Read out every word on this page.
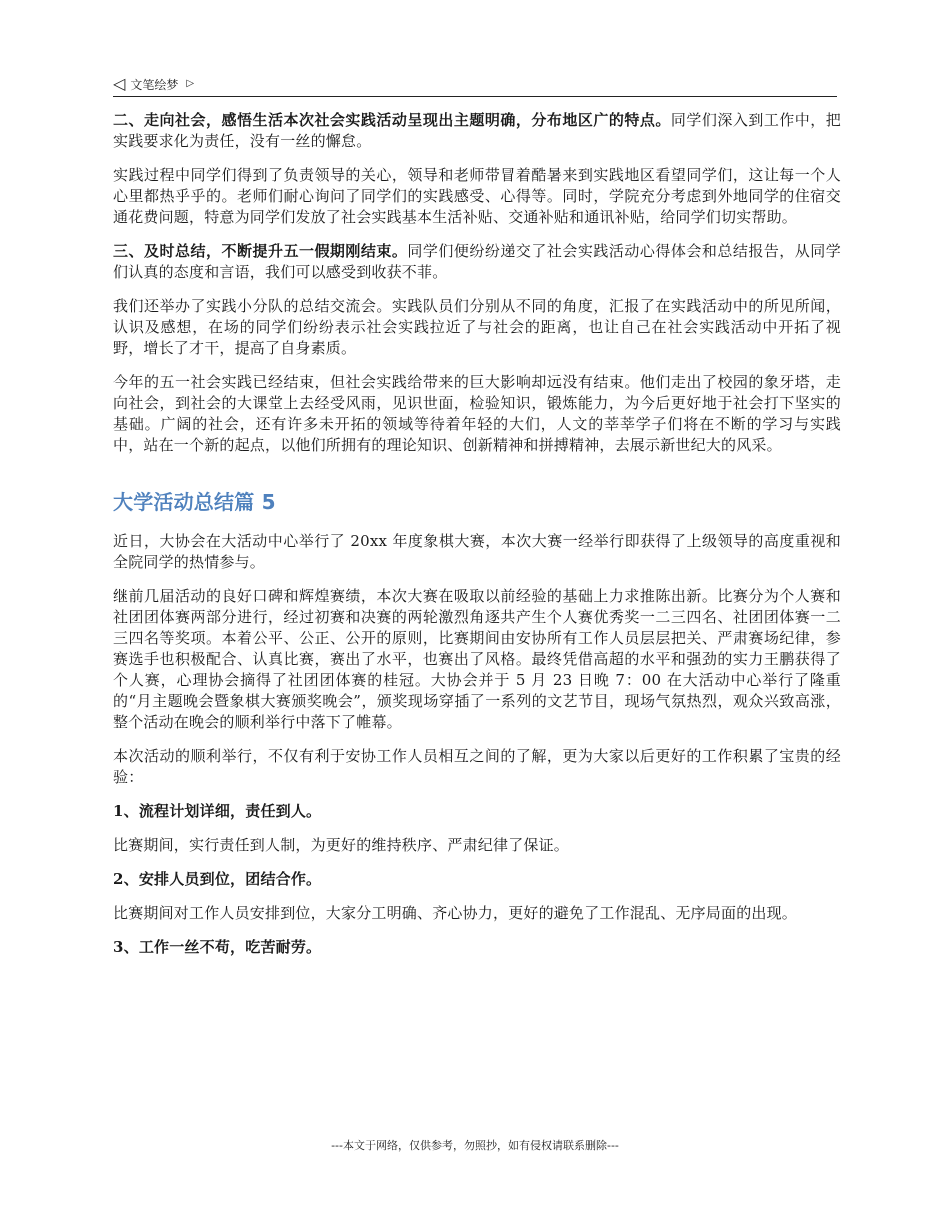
◁ 文笔绘梦 ▷

二、走向社会，感悟生活本次社会实践活动呈现出主题明确，分布地区广的特点。同学们深入到工作中，把实践要求化为责任，没有一丝的懈怠。

实践过程中同学们得到了负责领导的关心，领导和老师带冒着酷暑来到实践地区看望同学们，这让每一个人心里都热乎乎的。老师们耐心询问了同学们的实践感受、心得等。同时，学院充分考虑到外地同学的住宿交通花费问题，特意为同学们发放了社会实践基本生活补贴、交通补贴和通讯补贴，给同学们切实帮助。

三、及时总结，不断提升五一假期刚结束。同学们便纷纷递交了社会实践活动心得体会和总结报告，从同学们认真的态度和言语，我们可以感受到收获不菲。

我们还举办了实践小分队的总结交流会。实践队员们分别从不同的角度，汇报了在实践活动中的所见所闻，认识及感想，在场的同学们纷纷表示社会实践拉近了与社会的距离，也让自己在社会实践活动中开拓了视野，增长了才干，提高了自身素质。

今年的五一社会实践已经结束，但社会实践给带来的巨大影响却远没有结束。他们走出了校园的象牙塔，走向社会，到社会的大课堂上去经受风雨，见识世面，检验知识，锻炼能力，为今后更好地于社会打下坚实的基础。广阔的社会，还有许多未开拓的领域等待着年轻的大们，人文的莘莘学子们将在不断的学习与实践中，站在一个新的起点，以他们所拥有的理论知识、创新精神和拼搏精神，去展示新世纪大的风采。

大学活动总结篇 5

近日，大协会在大活动中心举行了 20xx 年度象棋大赛，本次大赛一经举行即获得了上级领导的高度重视和全院同学的热情参与。

继前几届活动的良好口碑和辉煌赛绩，本次大赛在吸取以前经验的基础上力求推陈出新。比赛分为个人赛和社团团体赛两部分进行，经过初赛和决赛的两轮激烈角逐共产生个人赛优秀奖一二三四名、社团团体赛一二三四名等奖项。本着公平、公正、公开的原则，比赛期间由安协所有工作人员层层把关、严肃赛场纪律，参赛选手也积极配合、认真比赛，赛出了水平，也赛出了风格。最终凭借高超的水平和强劲的实力王鹏获得了个人赛，心理协会摘得了社团团体赛的桂冠。大协会并于 5 月 23 日晚 7：00 在大活动中心举行了隆重的“月主题晚会暨象棋大赛颁奖晚会”，颁奖现场穿插了一系列的文艺节目，现场气氛热烈，观众兴致高涨，整个活动在晚会的顺利举行中落下了帷幕。

本次活动的顺利举行，不仅有利于安协工作人员相互之间的了解，更为大家以后更好的工作积累了宝贵的经验：

1、流程计划详细，责任到人。

比赛期间，实行责任到人制，为更好的维持秩序、严肃纪律了保证。

2、安排人员到位，团结合作。

比赛期间对工作人员安排到位，大家分工明确、齐心协力，更好的避免了工作混乱、无序局面的出现。

3、工作一丝不苟，吃苦耐劳。

---本文于网络，仅供参考，勿照抄，如有侵权请联系删除---
